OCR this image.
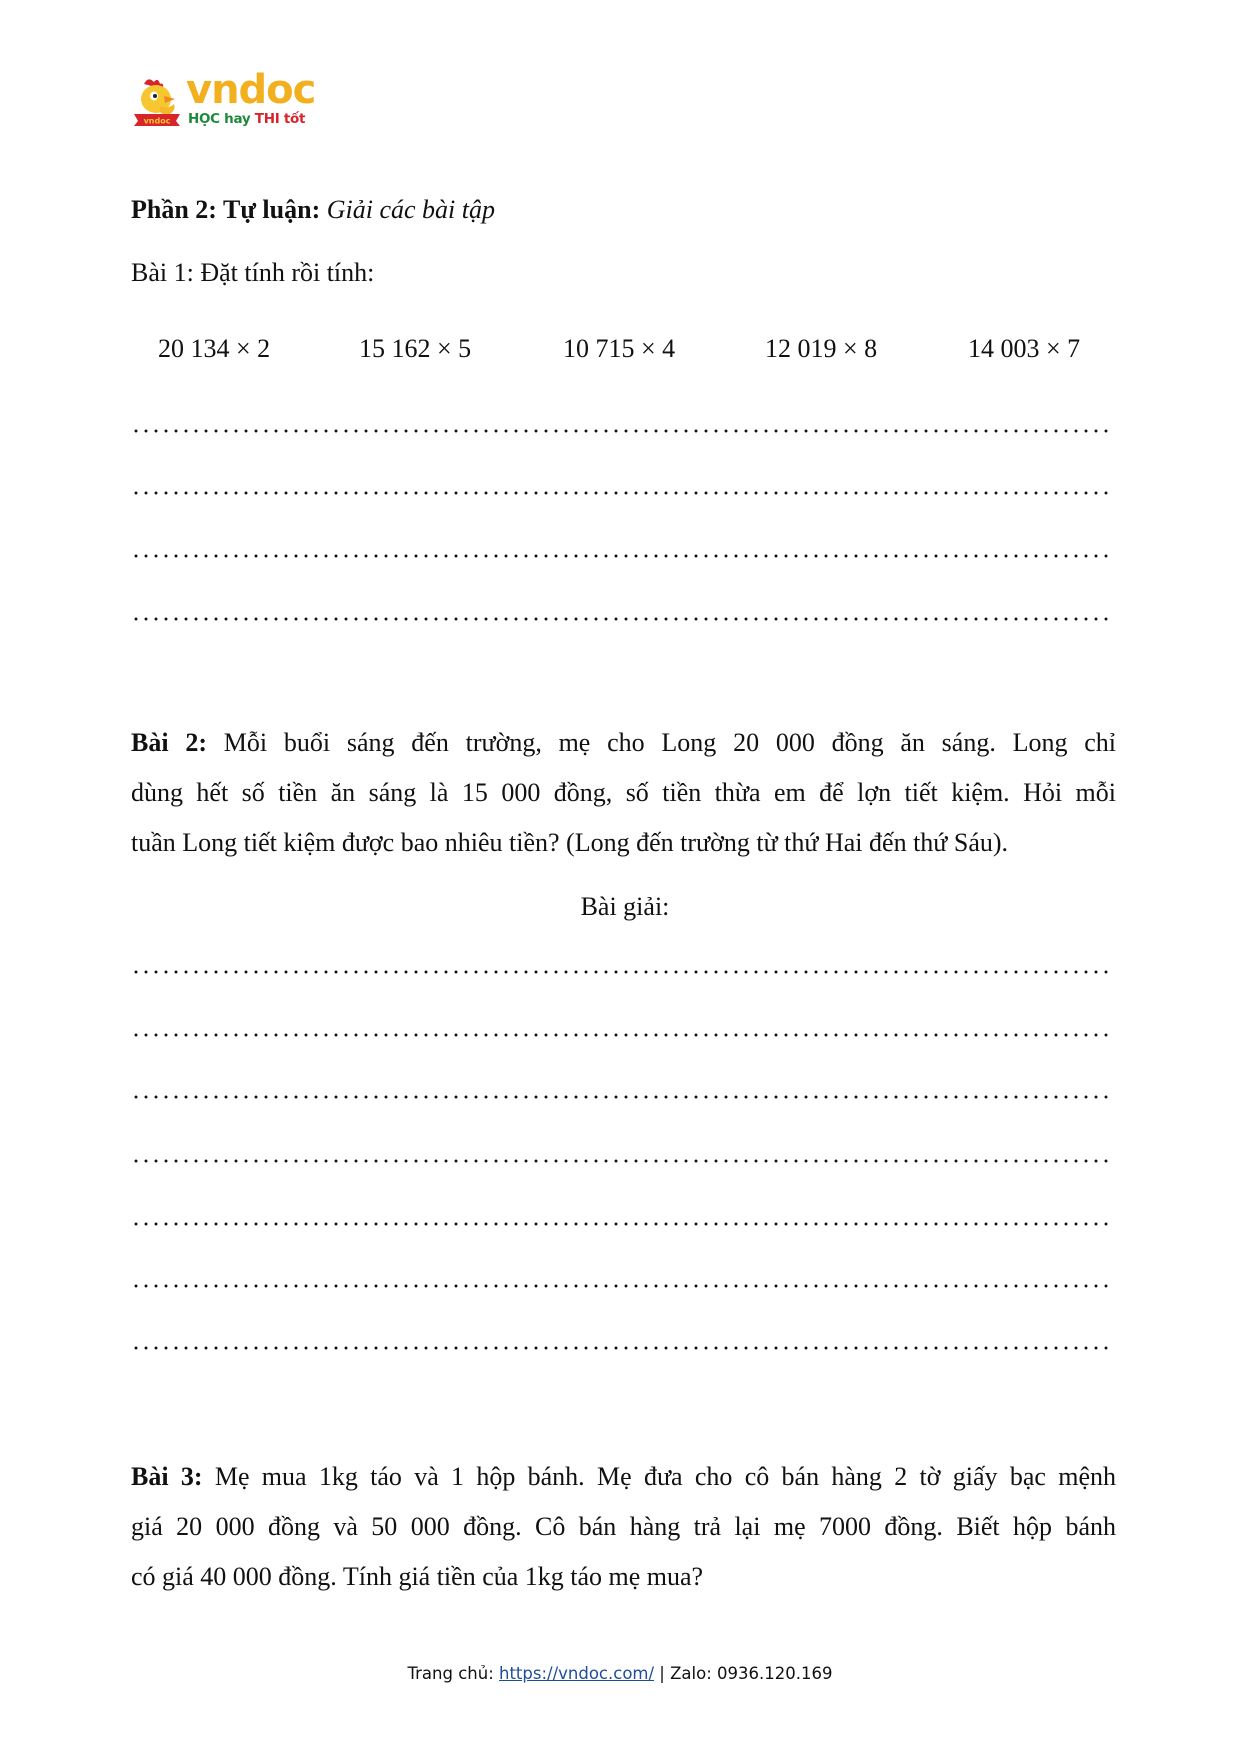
vndoc
vndoc
HỌC hay THI tốt
Phần 2: Tự luận: Giải các bài tập
Bài 1: Đặt tính rồi tính:
20 134 × 2	15 162 × 5	10 715 × 4	12 019 × 8	14 003 × 7
Bài 2: Mỗi buổi sáng đến trường, mẹ cho Long 20 000 đồng ăn sáng. Long chỉ
dùng hết số tiền ăn sáng là 15 000 đồng, số tiền thừa em để lợn tiết kiệm. Hỏi mỗi
tuần Long tiết kiệm được bao nhiêu tiền? (Long đến trường từ thứ Hai đến thứ Sáu).
Bài giải:
Bài 3: Mẹ mua 1kg táo và 1 hộp bánh. Mẹ đưa cho cô bán hàng 2 tờ giấy bạc mệnh
giá 20 000 đồng và 50 000 đồng. Cô bán hàng trả lại mẹ 7000 đồng. Biết hộp bánh
có giá 40 000 đồng. Tính giá tiền của 1kg táo mẹ mua?
Trang chủ: https://vndoc.com/ | Zalo: 0936.120.169
